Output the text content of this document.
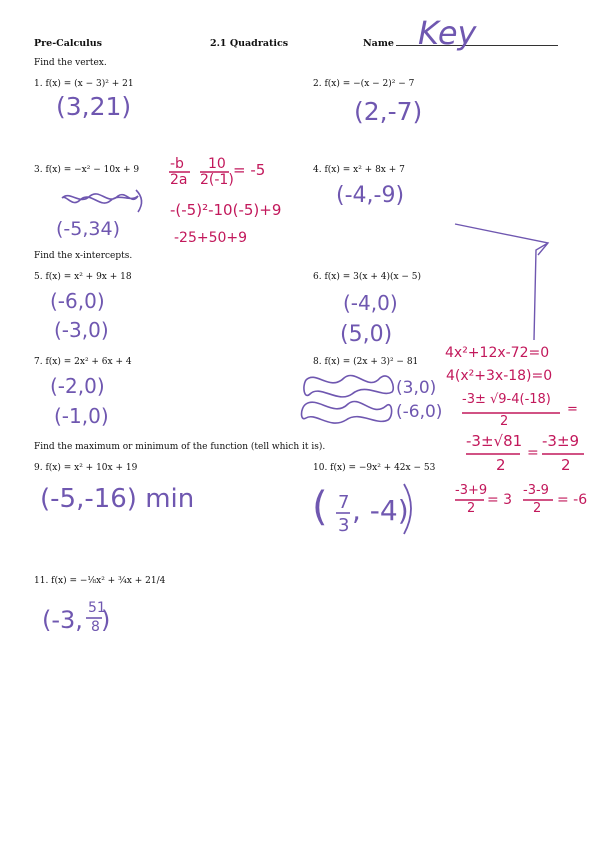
Pre-Calculus	2.1 Quadratics	Name Key
Find the vertex.
1. f(x) = (x − 3)² + 21	2. f(x) = −(x − 2)² − 7
(3,21)	(2,-7)
3. f(x) = −x² − 10x + 9	4. f(x) = x² + 8x + 7
-b
2a
10
2(-1)
= -5
-(-5)²-10(-5)+9
-25+50+9
(-5,34)
(-4,-9)
Find the x-intercepts.
5. f(x) = x² + 9x + 18	6. f(x) = 3(x + 4)(x − 5)
(-6,0)
(-3,0)
(-4,0)
(5,0)
7. f(x) = 2x² + 6x + 4	8. f(x) = (2x + 3)² − 81
(-2,0)
(-1,0)
(3,0)
(-6,0)
4x²+12x-72=0
4(x²+3x-18)=0
-3± √9-4(-18)
2
=
-3±√81
2
=
-3±9
2
-3+9
2
= 3
-3-9
2
= -6
Find the maximum or minimum of the function (tell which it is).
9. f(x) = x² + 10x + 19	10. f(x) = −9x² + 42x − 53
(-5,-16) min	( 7
3 , -4)
11. f(x) = −⅛x² + ¾x + 21/4
(-3, 51
8 )
